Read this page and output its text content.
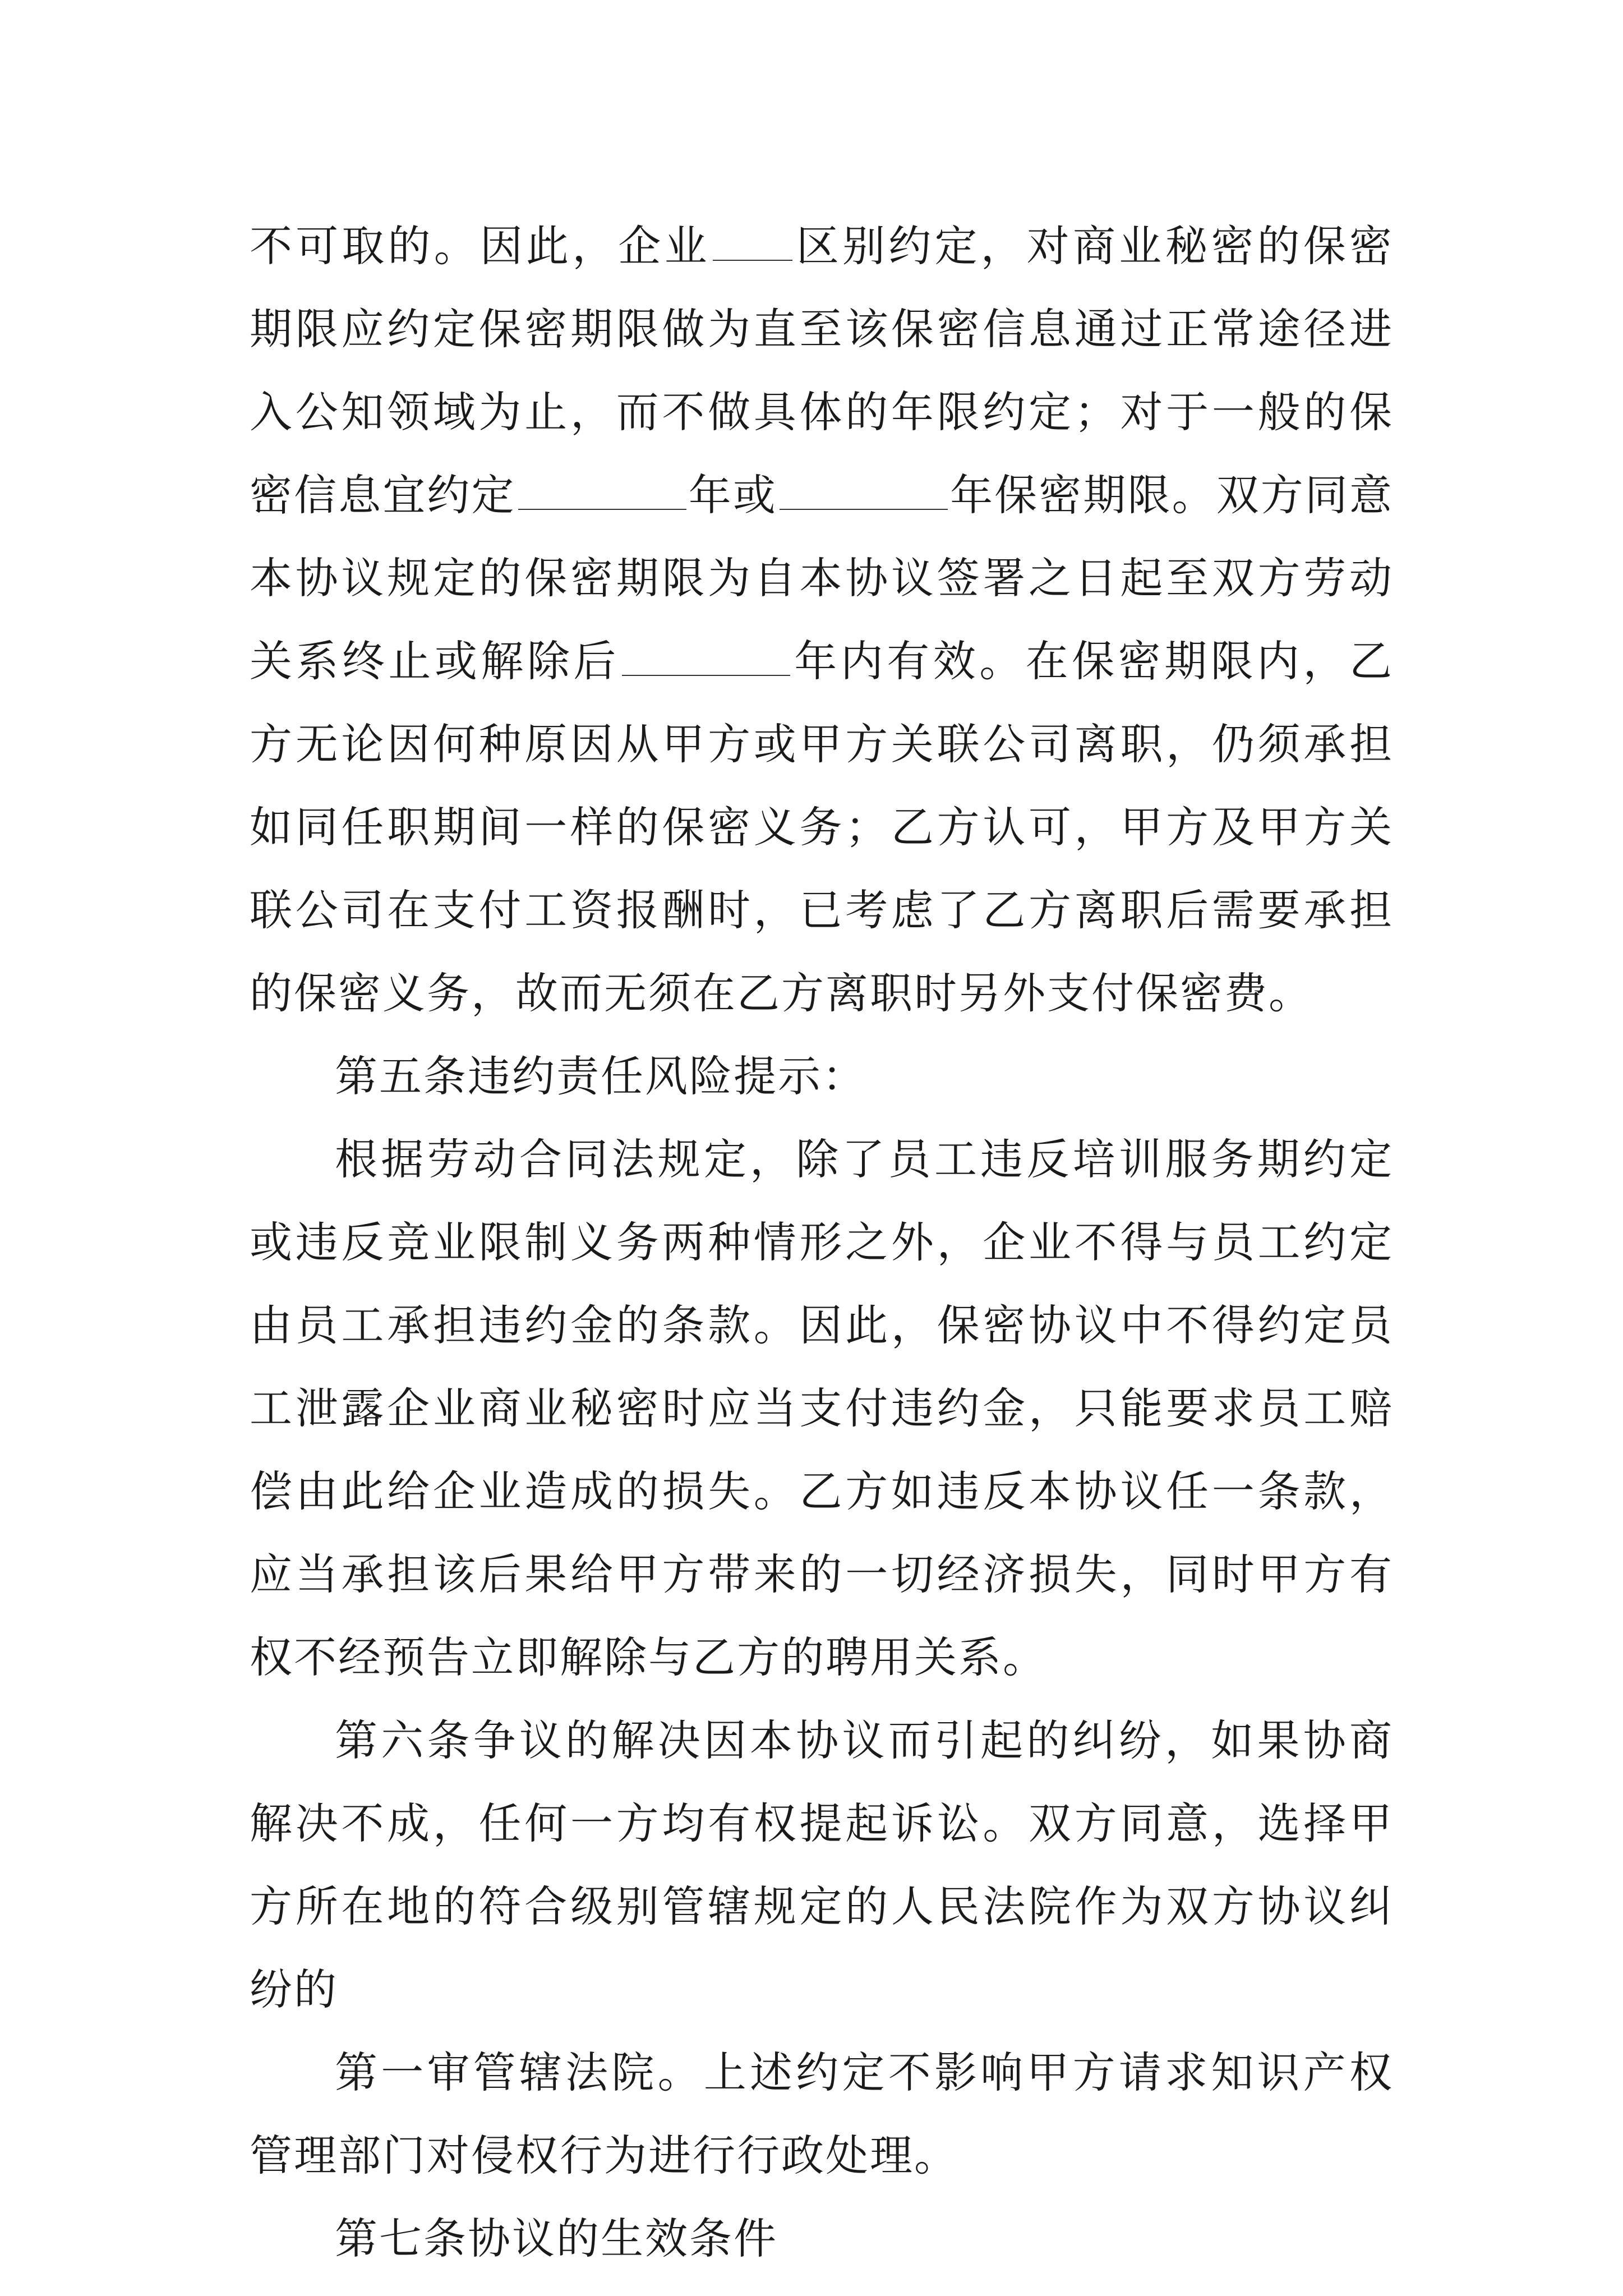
不可取的。因此，企业 区别约定，对商业秘密的保密期限应约定保密期限做为直至该保密信息通过正常途径进入公知领域为止，而不做具体的年限约定；对于一般的保密信息宜约定	年或	年保密期限。双方同意本协议规定的保密期限为自本协议签署之日起至双方劳动关系终止或解除后	年内有效。在保密期限内，乙方无论因何种原因从甲方或甲方关联公司离职，仍须承担如同任职期间一样的保密义务；乙方认可，甲方及甲方关联公司在支付工资报酬时，已考虑了乙方离职后需要承担的保密义务，故而无须在乙方离职时另外支付保密费。

第五条违约责任风险提示：

根据劳动合同法规定，除了员工违反培训服务期约定或违反竞业限制义务两种情形之外，企业不得与员工约定由员工承担违约金的条款。因此，保密协议中不得约定员工泄露企业商业秘密时应当支付违约金，只能要求员工赔偿由此给企业造成的损失。乙方如违反本协议任一条款，应当承担该后果给甲方带来的一切经济损失，同时甲方有权不经预告立即解除与乙方的聘用关系。

第六条争议的解决因本协议而引起的纠纷，如果协商解决不成，任何一方均有权提起诉讼。双方同意，选择甲方所在地的符合级别管辖规定的人民法院作为双方协议纠纷的

第一审管辖法院。上述约定不影响甲方请求知识产权管理部门对侵权行为进行行政处理。

第七条协议的生效条件
